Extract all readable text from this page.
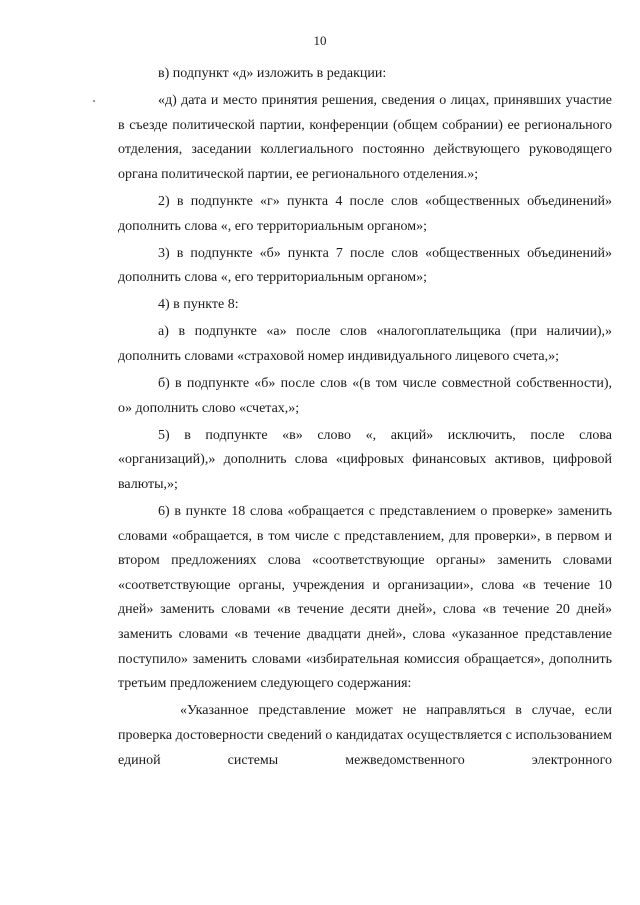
10

в) подпункт «д» изложить в редакции:

«д) дата и место принятия решения, сведения о лицах, принявших участие в съезде политической партии, конференции (общем собрании) ее регионального отделения, заседании коллегиального постоянно действующего руководящего органа политической партии, ее регионального отделения.»;

2) в подпункте «г» пункта 4 после слов «общественных объединений» дополнить слова «, его территориальным органом»;

3) в подпункте «б» пункта 7 после слов «общественных объединений» дополнить слова «, его территориальным органом»;

4) в пункте 8:

а) в подпункте «а» после слов «налогоплательщика (при наличии),» дополнить словами «страховой номер индивидуального лицевого счета,»;

б) в подпункте «б» после слов «(в том числе совместной собственности), о» дополнить слово «счетах,»;

5) в подпункте «в» слово «, акций» исключить, после слова «организаций),» дополнить слова «цифровых финансовых активов, цифровой валюты,»;

6) в пункте 18 слова «обращается с представлением о проверке» заменить словами «обращается, в том числе с представлением, для проверки», в первом и втором предложениях слова «соответствующие органы» заменить словами «соответствующие органы, учреждения и организации», слова «в течение 10 дней» заменить словами «в течение десяти дней», слова «в течение 20 дней» заменить словами «в течение двадцати дней», слова «указанное представление поступило» заменить словами «избирательная комиссия обращается», дополнить третьим предложением следующего содержания:

«Указанное представление может не направляться в случае, если проверка достоверности сведений о кандидатах осуществляется с использованием единой системы межведомственного электронного
